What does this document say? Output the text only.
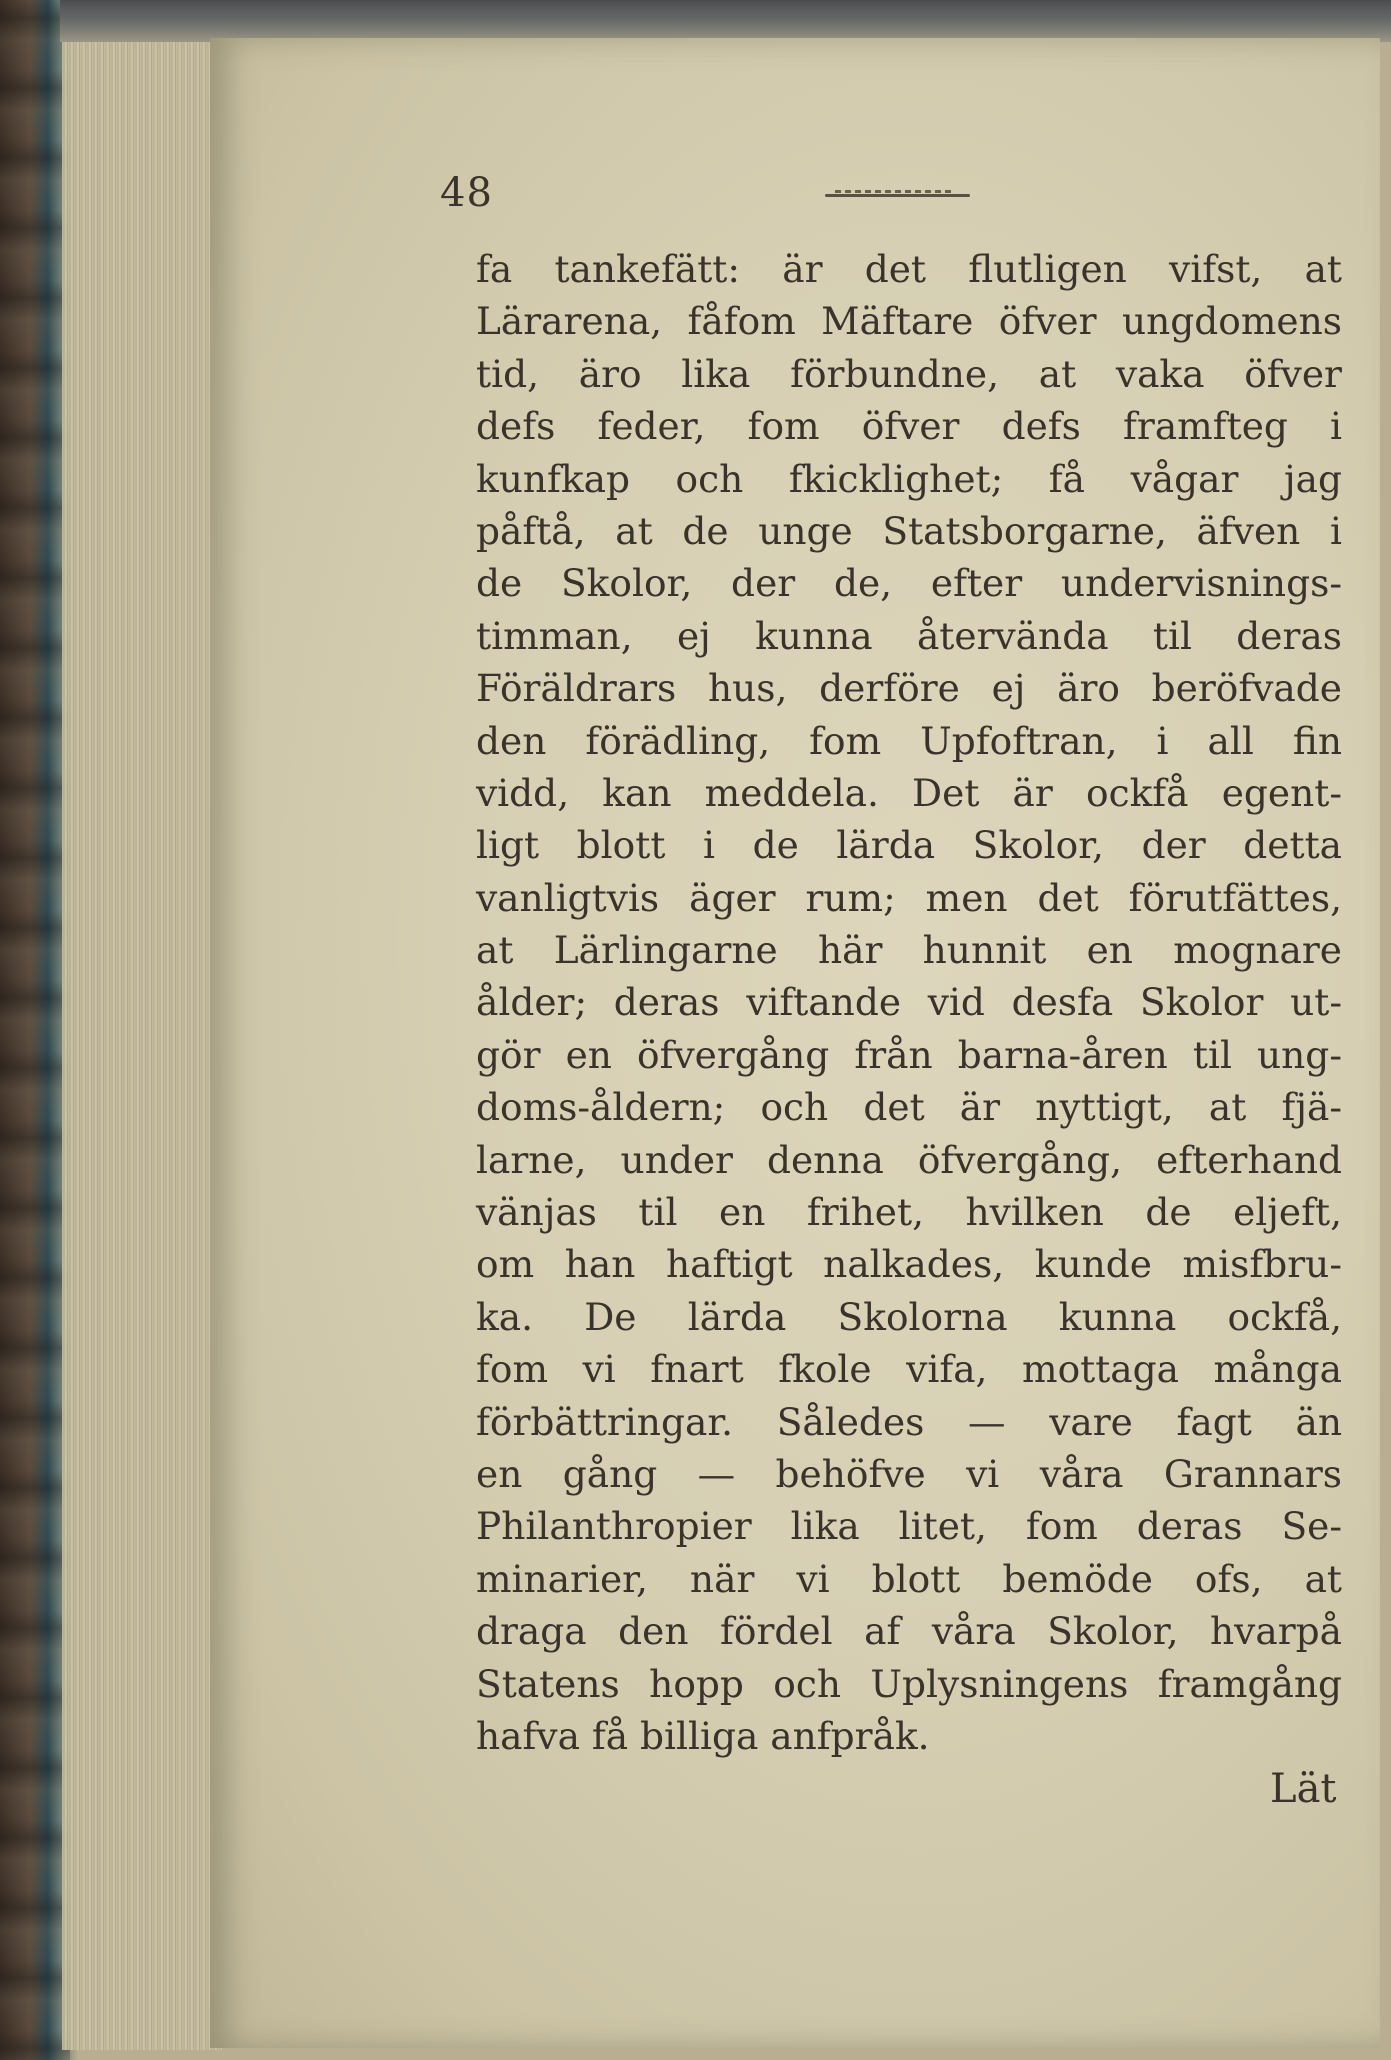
48
fa tankefätt: är det flutligen vifst, at
Lärarena, fåfom Mäftare öfver ungdomens
tid, äro lika förbundne, at vaka öfver
defs feder, fom öfver defs framfteg i
kunfkap och fkicklighet; få vågar jag
påftå, at de unge Statsborgarne, äfven i
de Skolor, der de, efter undervisnings-
timman, ej kunna återvända til deras
Föräldrars hus, derföre ej äro beröfvade
den förädling, fom Upfoftran, i all fin
vidd, kan meddela. Det är ockfå egent-
ligt blott i de lärda Skolor, der detta
vanligtvis äger rum; men det förutfättes,
at Lärlingarne här hunnit en mognare
ålder; deras viftande vid desfa Skolor ut-
gör en öfvergång från barna-åren til ung-
doms-åldern; och det är nyttigt, at fjä-
larne, under denna öfvergång, efterhand
vänjas til en frihet, hvilken de eljeft,
om han haftigt nalkades, kunde misfbru-
ka. De lärda Skolorna kunna ockfå,
fom vi fnart fkole vifa, mottaga många
förbättringar. Således — vare fagt än
en gång — behöfve vi våra Grannars
Philanthropier lika litet, fom deras Se-
minarier, när vi blott bemöde ofs, at
draga den fördel af våra Skolor, hvarpå
Statens hopp och Uplysningens framgång
hafva få billiga anfpråk.
Lät
